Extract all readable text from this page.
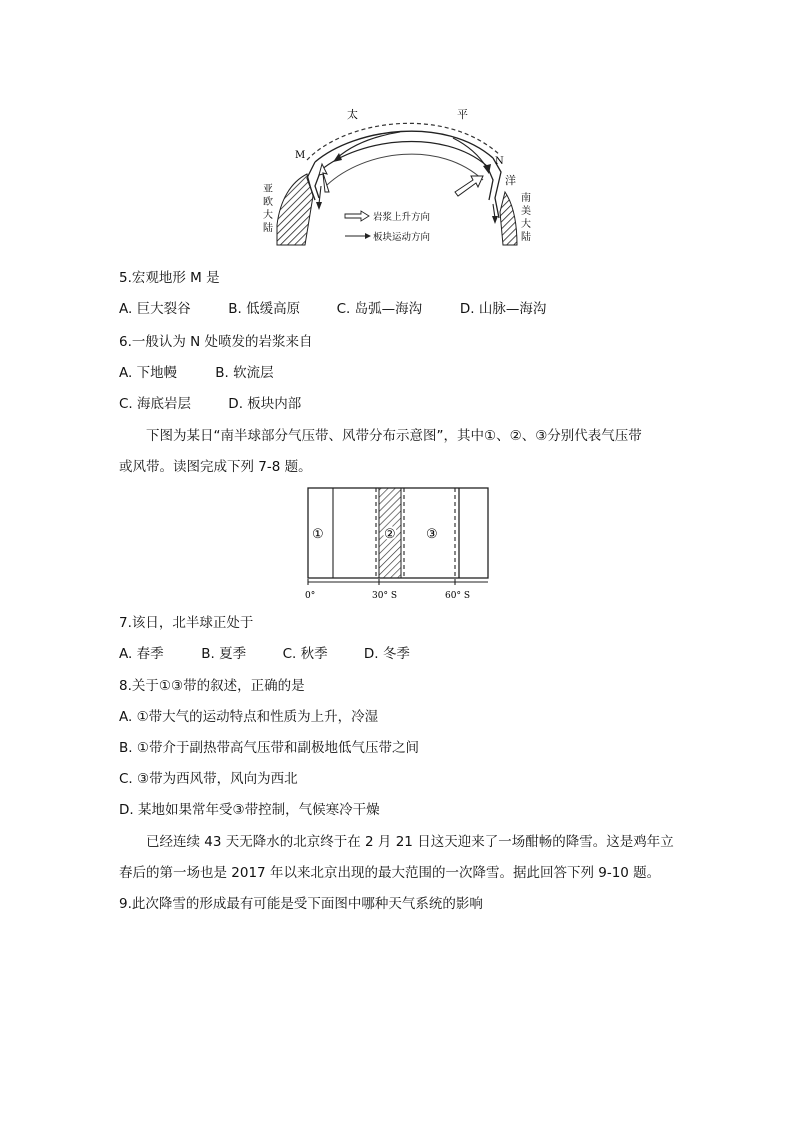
太	平
洋
M
N
亚
欧
大
陆
南
美
大
陆
岩浆上升方向
板块运动方向
5.宏观地形 M 是
A. 巨大裂谷	B. 低缓高原	C. 岛弧—海沟	D. 山脉—海沟
6.一般认为 N 处喷发的岩浆来自
A. 下地幔	B. 软流层
C. 海底岩层	D. 板块内部
下图为某日“南半球部分气压带、风带分布示意图”，其中①、②、③分别代表气压带
或风带。读图完成下列 7-8 题。
①	② ③
0°	30° S	60° S
7.该日，北半球正处于
A. 春季	B. 夏季	C. 秋季	D. 冬季
8.关于①③带的叙述，正确的是
A. ①带大气的运动特点和性质为上升，冷湿
B. ①带介于副热带高气压带和副极地低气压带之间
C. ③带为西风带，风向为西北
D. 某地如果常年受③带控制，气候寒冷干燥
已经连续 43 天无降水的北京终于在 2 月 21 日这天迎来了一场酣畅的降雪。这是鸡年立
春后的第一场也是 2017 年以来北京出现的最大范围的一次降雪。据此回答下列 9-10 题。
9.此次降雪的形成最有可能是受下面图中哪种天气系统的影响
